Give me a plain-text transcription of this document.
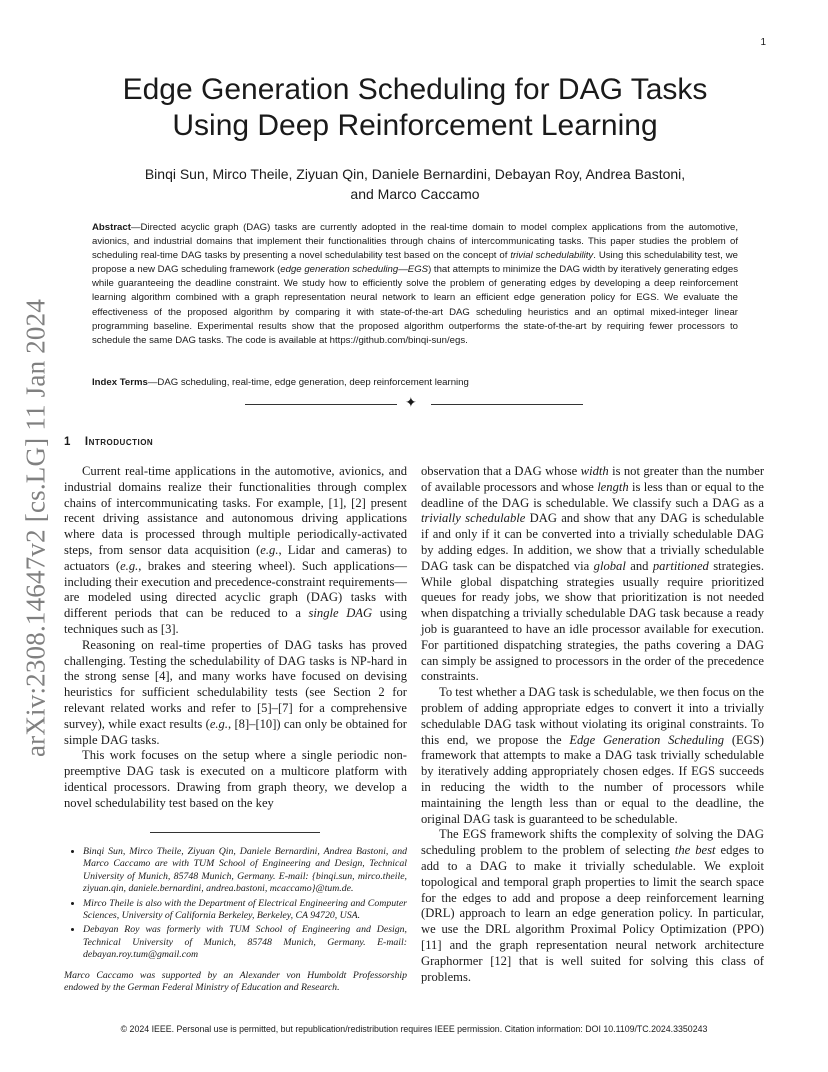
1
arXiv:2308.14647v2 [cs.LG] 11 Jan 2024
Edge Generation Scheduling for DAG Tasks
Using Deep Reinforcement Learning
Binqi Sun, Mirco Theile, Ziyuan Qin, Daniele Bernardini, Debayan Roy, Andrea Bastoni,
and Marco Caccamo
Abstract—Directed acyclic graph (DAG) tasks are currently adopted in the real-time domain to model complex applications from the automotive, avionics, and industrial domains that implement their functionalities through chains of intercommunicating tasks. This paper studies the problem of scheduling real-time DAG tasks by presenting a novel schedulability test based on the concept of trivial schedulability. Using this schedulability test, we propose a new DAG scheduling framework (edge generation scheduling—EGS) that attempts to minimize the DAG width by iteratively generating edges while guaranteeing the deadline constraint. We study how to efficiently solve the problem of generating edges by developing a deep reinforcement learning algorithm combined with a graph representation neural network to learn an efficient edge generation policy for EGS. We evaluate the effectiveness of the proposed algorithm by comparing it with state-of-the-art DAG scheduling heuristics and an optimal mixed-integer linear programming baseline. Experimental results show that the proposed algorithm outperforms the state-of-the-art by requiring fewer processors to schedule the same DAG tasks. The code is available at https://github.com/binqi-sun/egs.
Index Terms—DAG scheduling, real-time, edge generation, deep reinforcement learning
✦
1 Introduction

Current real-time applications in the automotive, avionics, and industrial domains realize their functionalities through complex chains of intercommunicating tasks. For example, [1], [2] present recent driving assistance and autonomous driving applications where data is processed through multiple periodically-activated steps, from sensor data acquisition (e.g., Lidar and cameras) to actuators (e.g., brakes and steering wheel). Such applications—including their execution and precedence-constraint requirements—are modeled using directed acyclic graph (DAG) tasks with different periods that can be reduced to a single DAG using techniques such as [3].

Reasoning on real-time properties of DAG tasks has proved challenging. Testing the schedulability of DAG tasks is NP-hard in the strong sense [4], and many works have focused on devising heuristics for sufficient schedulability tests (see Section 2 for relevant related works and refer to [5]–[7] for a comprehensive survey), while exact results (e.g., [8]–[10]) can only be obtained for simple DAG tasks.

This work focuses on the setup where a single periodic non-preemptive DAG task is executed on a multicore platform with identical processors. Drawing from graph theory, we develop a novel schedulability test based on the key

• Binqi Sun, Mirco Theile, Ziyuan Qin, Daniele Bernardini, Andrea Bastoni, and Marco Caccamo are with TUM School of Engineering and Design, Technical University of Munich, 85748 Munich, Germany. E-mail: {binqi.sun, mirco.theile, ziyuan.qin, daniele.bernardini, andrea.bastoni, mcaccamo}@tum.de.
• Mirco Theile is also with the Department of Electrical Engineering and Computer Sciences, University of California Berkeley, Berkeley, CA 94720, USA.
• Debayan Roy was formerly with TUM School of Engineering and Design, Technical University of Munich, 85748 Munich, Germany. E-mail: debayan.roy.tum@gmail.com
Marco Caccamo was supported by an Alexander von Humboldt Professorship endowed by the German Federal Ministry of Education and Research.

observation that a DAG whose width is not greater than the number of available processors and whose length is less than or equal to the deadline of the DAG is schedulable. We classify such a DAG as a trivially schedulable DAG and show that any DAG is schedulable if and only if it can be converted into a trivially schedulable DAG by adding edges. In addition, we show that a trivially schedulable DAG task can be dispatched via global and partitioned strategies. While global dispatching strategies usually require prioritized queues for ready jobs, we show that prioritization is not needed when dispatching a trivially schedulable DAG task because a ready job is guaranteed to have an idle processor available for execution. For partitioned dispatching strategies, the paths covering a DAG can simply be assigned to processors in the order of the precedence constraints.

To test whether a DAG task is schedulable, we then focus on the problem of adding appropriate edges to convert it into a trivially schedulable DAG task without violating its original constraints. To this end, we propose the Edge Generation Scheduling (EGS) framework that attempts to make a DAG task trivially schedulable by iteratively adding appropriately chosen edges. If EGS succeeds in reducing the width to the number of processors while maintaining the length less than or equal to the deadline, the original DAG task is guaranteed to be schedulable.

The EGS framework shifts the complexity of solving the DAG scheduling problem to the problem of selecting the best edges to add to a DAG to make it trivially schedulable. We exploit topological and temporal graph properties to limit the search space for the edges to add and propose a deep reinforcement learning (DRL) approach to learn an edge generation policy. In particular, we use the DRL algorithm Proximal Policy Optimization (PPO) [11] and the graph representation neural network architecture Graphormer [12] that is well suited for solving this class of problems.

© 2024 IEEE. Personal use is permitted, but republication/redistribution requires IEEE permission. Citation information: DOI 10.1109/TC.2024.3350243
